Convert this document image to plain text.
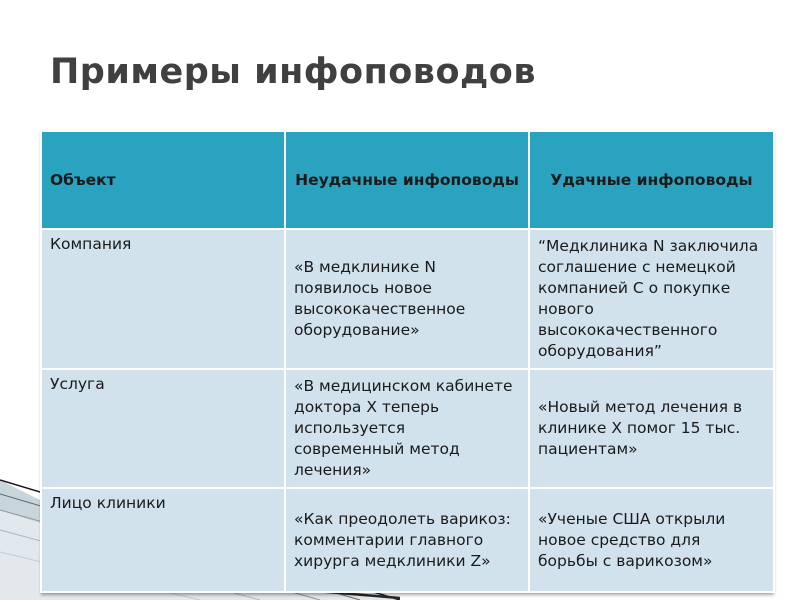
Примеры инфоповодов
Объект	Неудачные инфоповоды	Удачные инфоповоды
Компания	«В медклинике N появилось новое высококачественное оборудование»	“Медклиника N заключила соглашение с немецкой компанией С о покупке нового высококачественного оборудования”
Услуга	«В медицинском кабинете доктора Х теперь используется современный метод лечения»	«Новый метод лечения в клинике Х помог 15 тыс. пациентам»
Лицо клиники	«Как преодолеть варикоз: комментарии главного хирурга медклиники Z»	«Ученые США открыли новое средство для борьбы с варикозом»
